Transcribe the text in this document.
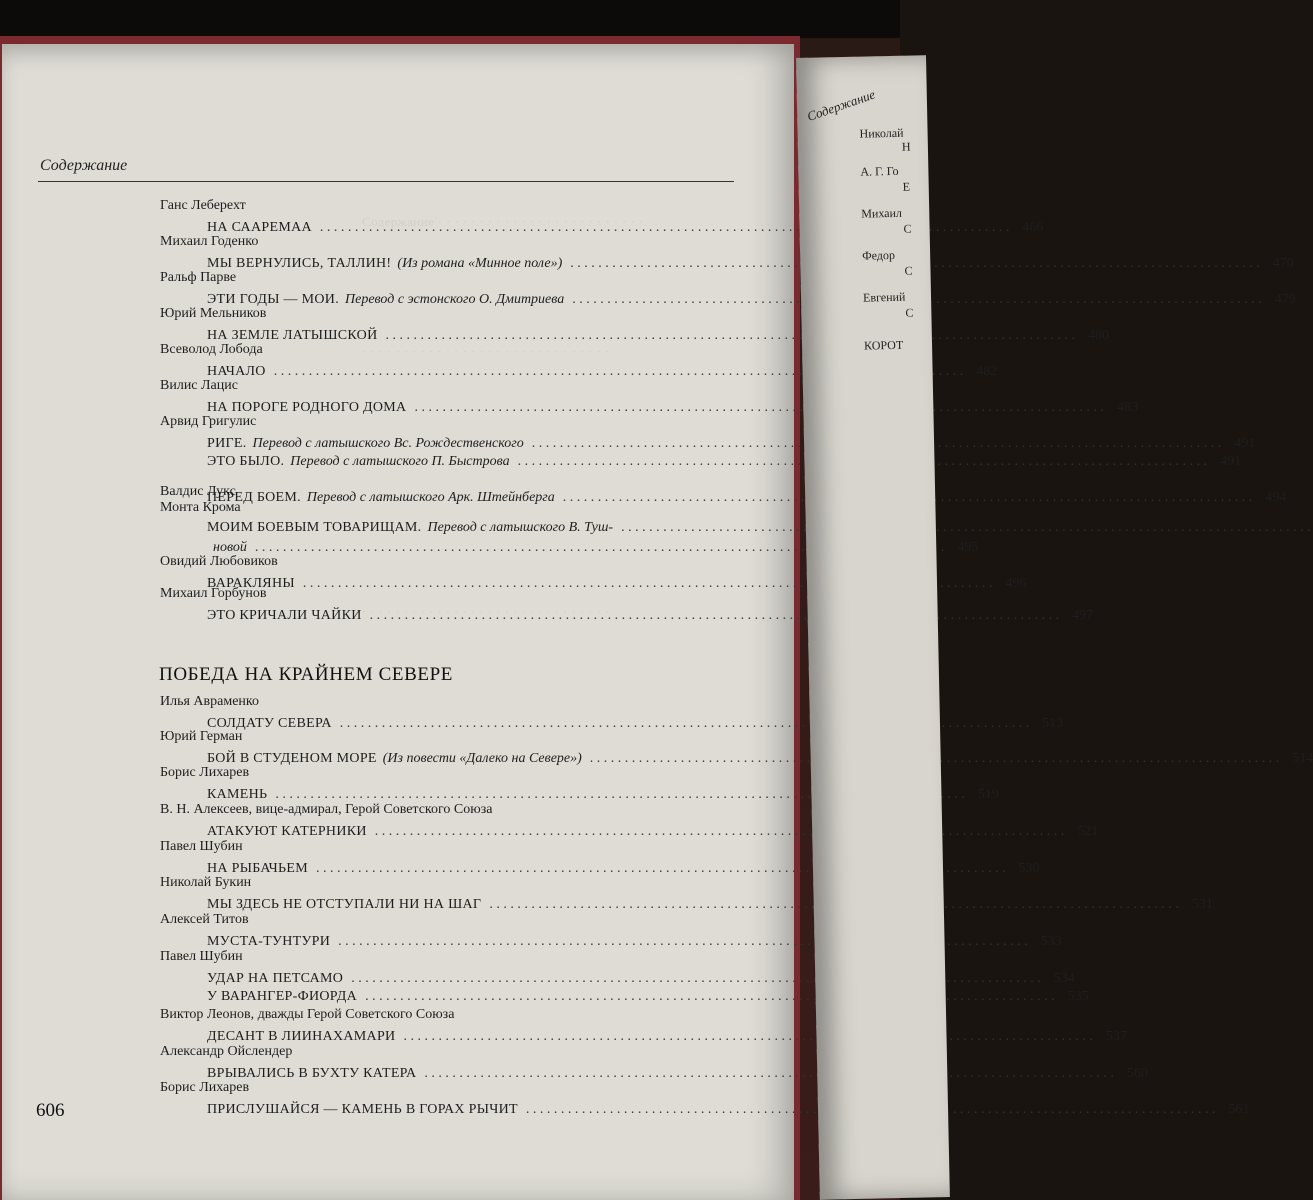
Содержание · · · · · · · · · · · · · · · · · · · · · · · · ·
· · · · · · · · · · · · · · · · · · · · · · · · · · · · · ·
· · · · · · · · · · · · · · · · · · · · · · · · · · · · · ·
Содержание
Ганс Леберехт
НА СААРЕМАА . . .	466
Михаил Годенко
МЫ ВЕРНУЛИСЬ, ТАЛЛИН! (Из романа «Минное поле») . . .	470
Ральф Парве
ЭТИ ГОДЫ — МОИ. Перевод с эстонского О. Дмитриева . . .	479
Юрий Мельников
НА ЗЕМЛЕ ЛАТЫШСКОЙ . . .	480
Всеволод Лобода
НАЧАЛО . . .	482
Вилис Лацис
НА ПОРОГЕ РОДНОГО ДОМА . . .	483
Арвид Григулис
РИГЕ. Перевод с латышского Вс. Рождественского . . .	491
ЭТО БЫЛО. Перевод с латышского П. Быстрова . . .	491
Валдис Лукс
ПЕРЕД БОЕМ. Перевод с латышского Арк. Штейнберга . . .	494
Монта Крома
МОИМ БОЕВЫМ ТОВАРИЩАМ. Перевод с латышского В. Туш-
. . .
новой . . .	495
Овидий Любовиков
ВАРАКЛЯНЫ . . .	496
Михаил Горбунов
ЭТО КРИЧАЛИ ЧАЙКИ . . .	497
Илья Авраменко
СОЛДАТУ СЕВЕРА . . .	513
Юрий Герман
БОЙ В СТУДЕНОМ МОРЕ (Из повести «Далеко на Севере») . . .	514
Борис Лихарев
КАМЕНЬ . . .	519
В. Н. Алексеев, вице-адмирал, Герой Советского Союза
АТАКУЮТ КАТЕРНИКИ . . .	521
Павел Шубин
НА РЫБАЧЬЕМ . . .	530
Николай Букин
МЫ ЗДЕСЬ НЕ ОТСТУПАЛИ НИ НА ШАГ . . .	531
Алексей Титов
МУСТА-ТУНТУРИ . . .	533
Павел Шубин
УДАР НА ПЕТСАМО . . .	534
У ВАРАНГЕР-ФИОРДА . . .	535
Виктор Леонов, дважды Герой Советского Союза
ДЕСАНТ В ЛИИНАХАМАРИ . . .	537
Александр Ойслендер
ВРЫВАЛИСЬ В БУХТУ КАТЕРА . . .	560
Борис Лихарев
ПРИСЛУШАЙСЯ — КАМЕНЬ В ГОРАХ РЫЧИТ . . .	561
ПОБЕДА НА КРАЙНЕМ СЕВЕРЕ
606
Содержание
Николай
Н
А. Г. Го
Е
Михаил
С
Федор
С
Евгений
С
КОРОТ
